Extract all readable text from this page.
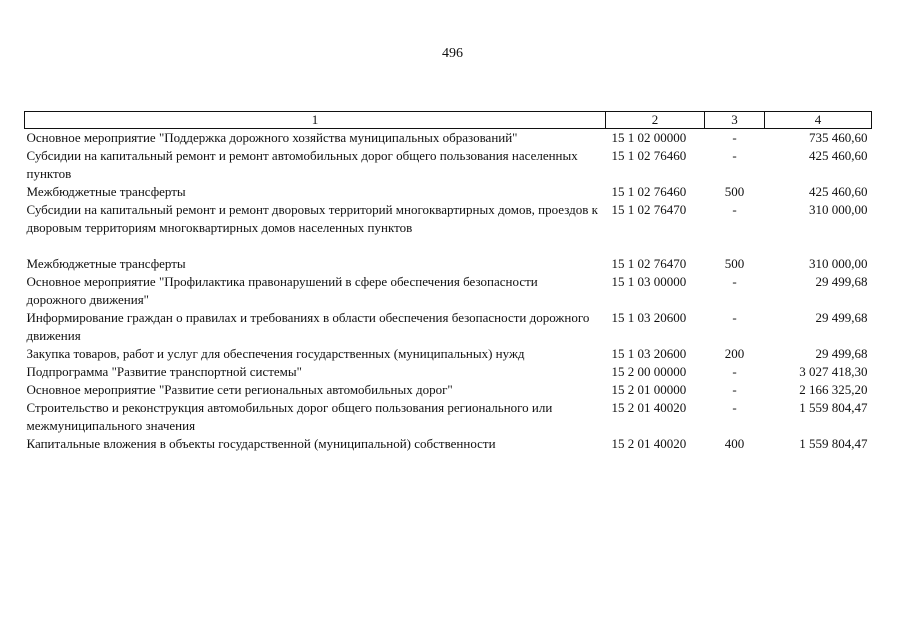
496
1	2	3	4
Основное мероприятие "Поддержка дорожного хозяйства муниципальных образований"	15 1 02 00000	-	735 460,60
Субсидии на капитальный ремонт и ремонт автомобильных дорог общего пользования населенных пунктов	15 1 02 76460	-	425 460,60
Межбюджетные трансферты	15 1 02 76460	500	425 460,60
Субсидии на капитальный ремонт и ремонт дворовых территорий многоквартирных домов, проездов к дворовым территориям многоквартирных домов населенных пунктов	15 1 02 76470	-	310 000,00
Межбюджетные трансферты	15 1 02 76470	500	310 000,00
Основное мероприятие "Профилактика правонарушений в сфере обеспечения безопасности дорожного движения"	15 1 03 00000	-	29 499,68
Информирование граждан о правилах и требованиях в области обеспечения безопасности дорожного движения	15 1 03 20600	-	29 499,68
Закупка товаров, работ и услуг для обеспечения государственных (муниципальных) нужд	15 1 03 20600	200	29 499,68
Подпрограмма "Развитие транспортной системы"	15 2 00 00000	-	3 027 418,30
Основное мероприятие "Развитие сети региональных автомобильных дорог"	15 2 01 00000	-	2 166 325,20
Строительство и реконструкция автомобильных дорог общего пользования регионального или межмуниципального значения	15 2 01 40020	-	1 559 804,47
Капитальные вложения в объекты государственной (муниципальной) собственности	15 2 01 40020	400	1 559 804,47
